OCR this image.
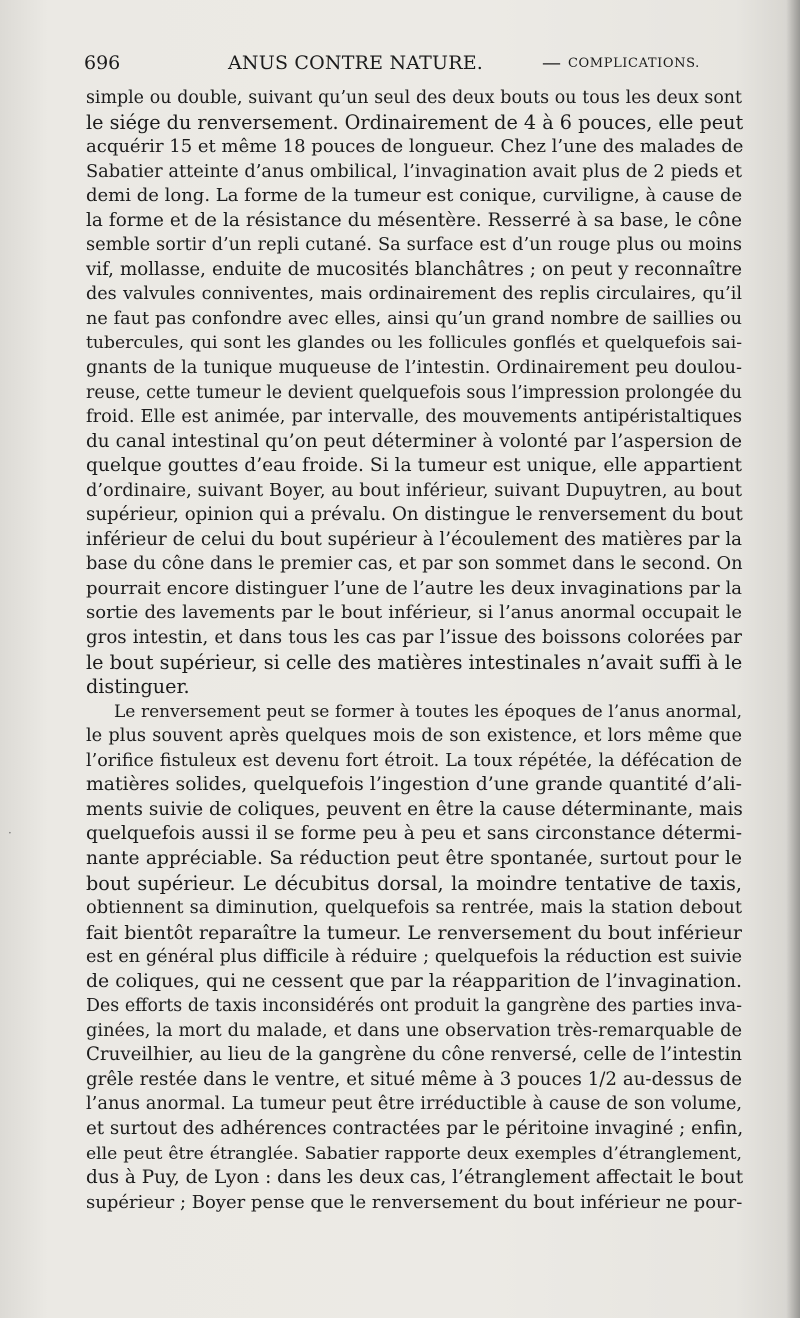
696	ANUS CONTRE NATURE.	— COMPLICATIONS.
simple ou double, suivant qu’un seul des deux bouts ou tous les deux sont
le siége du renversement. Ordinairement de 4 à 6 pouces, elle peut
acquérir 15 et même 18 pouces de longueur. Chez l’une des malades de
Sabatier atteinte d’anus ombilical, l’invagination avait plus de 2 pieds et
demi de long. La forme de la tumeur est conique, curviligne, à cause de
la forme et de la résistance du mésentère. Resserré à sa base, le cône
semble sortir d’un repli cutané. Sa surface est d’un rouge plus ou moins
vif, mollasse, enduite de mucosités blanchâtres ; on peut y reconnaître
des valvules conniventes, mais ordinairement des replis circulaires, qu’il
ne faut pas confondre avec elles, ainsi qu’un grand nombre de saillies ou
tubercules, qui sont les glandes ou les follicules gonflés et quelquefois sai-
gnants de la tunique muqueuse de l’intestin. Ordinairement peu doulou-
reuse, cette tumeur le devient quelquefois sous l’impression prolongée du
froid. Elle est animée, par intervalle, des mouvements antipéristaltiques
du canal intestinal qu’on peut déterminer à volonté par l’aspersion de
quelque gouttes d’eau froide. Si la tumeur est unique, elle appartient
d’ordinaire, suivant Boyer, au bout inférieur, suivant Dupuytren, au bout
supérieur, opinion qui a prévalu. On distingue le renversement du bout
inférieur de celui du bout supérieur à l’écoulement des matières par la
base du cône dans le premier cas, et par son sommet dans le second. On
pourrait encore distinguer l’une de l’autre les deux invaginations par la
sortie des lavements par le bout inférieur, si l’anus anormal occupait le
gros intestin, et dans tous les cas par l’issue des boissons colorées par
le bout supérieur, si celle des matières intestinales n’avait suffi à le
distinguer.
Le renversement peut se former à toutes les époques de l’anus anormal,
le plus souvent après quelques mois de son existence, et lors même que
l’orifice fistuleux est devenu fort étroit. La toux répétée, la défécation de
matières solides, quelquefois l’ingestion d’une grande quantité d’ali-
ments suivie de coliques, peuvent en être la cause déterminante, mais
quelquefois aussi il se forme peu à peu et sans circonstance détermi-
nante appréciable. Sa réduction peut être spontanée, surtout pour le
bout supérieur. Le décubitus dorsal, la moindre tentative de taxis,
obtiennent sa diminution, quelquefois sa rentrée, mais la station debout
fait bientôt reparaître la tumeur. Le renversement du bout inférieur
est en général plus difficile à réduire ; quelquefois la réduction est suivie
de coliques, qui ne cessent que par la réapparition de l’invagination.
Des efforts de taxis inconsidérés ont produit la gangrène des parties inva-
ginées, la mort du malade, et dans une observation très-remarquable de
Cruveilhier, au lieu de la gangrène du cône renversé, celle de l’intestin
grêle restée dans le ventre, et situé même à 3 pouces 1/2 au-dessus de
l’anus anormal. La tumeur peut être irréductible à cause de son volume,
et surtout des adhérences contractées par le péritoine invaginé ; enfin,
elle peut être étranglée. Sabatier rapporte deux exemples d’étranglement,
dus à Puy, de Lyon : dans les deux cas, l’étranglement affectait le bout
supérieur ; Boyer pense que le renversement du bout inférieur ne pour-
·
